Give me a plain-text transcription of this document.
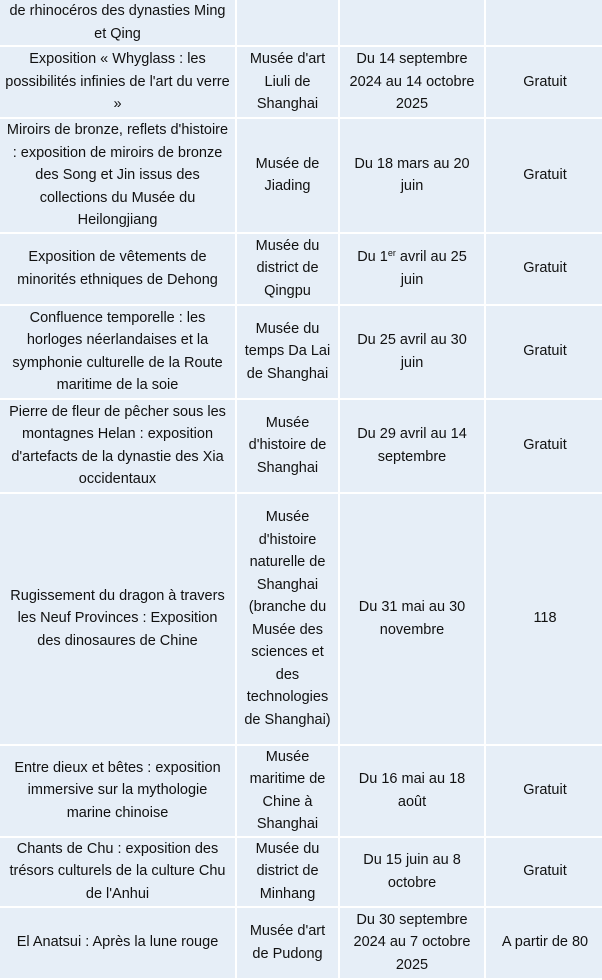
de rhinocéros des dynasties Ming et Qing			
Exposition « Whyglass : les possibilités infinies de l'art du verre »	Musée d'art Liuli de Shanghai	Du 14 septembre 2024 au 14 octobre 2025	Gratuit
Miroirs de bronze, reflets d'histoire : exposition de miroirs de bronze des Song et Jin issus des collections du Musée du Heilongjiang	Musée de Jiading	Du 18 mars au 20 juin	Gratuit
Exposition de vêtements de minorités ethniques de Dehong	Musée du district de Qingpu	Du 1er avril au 25 juin	Gratuit
Confluence temporelle : les horloges néerlandaises et la symphonie culturelle de la Route maritime de la soie	Musée du temps Da Lai de Shanghai	Du 25 avril au 30 juin	Gratuit
Pierre de fleur de pêcher sous les montagnes Helan : exposition d'artefacts de la dynastie des Xia occidentaux	Musée d'histoire de Shanghai	Du 29 avril au 14 septembre	Gratuit
Rugissement du dragon à travers les Neuf Provinces : Exposition des dinosaures de Chine	Musée d'histoire naturelle de Shanghai (branche du Musée des sciences et des technologies de Shanghai)	Du 31 mai au 30 novembre	118
Entre dieux et bêtes : exposition immersive sur la mythologie marine chinoise	Musée maritime de Chine à Shanghai	Du 16 mai au 18 août	Gratuit
Chants de Chu : exposition des trésors culturels de la culture Chu de l'Anhui	Musée du district de Minhang	Du 15 juin au 8 octobre	Gratuit
El Anatsui : Après la lune rouge	Musée d'art de Pudong	Du 30 septembre 2024 au 7 octobre 2025	A partir de 80
